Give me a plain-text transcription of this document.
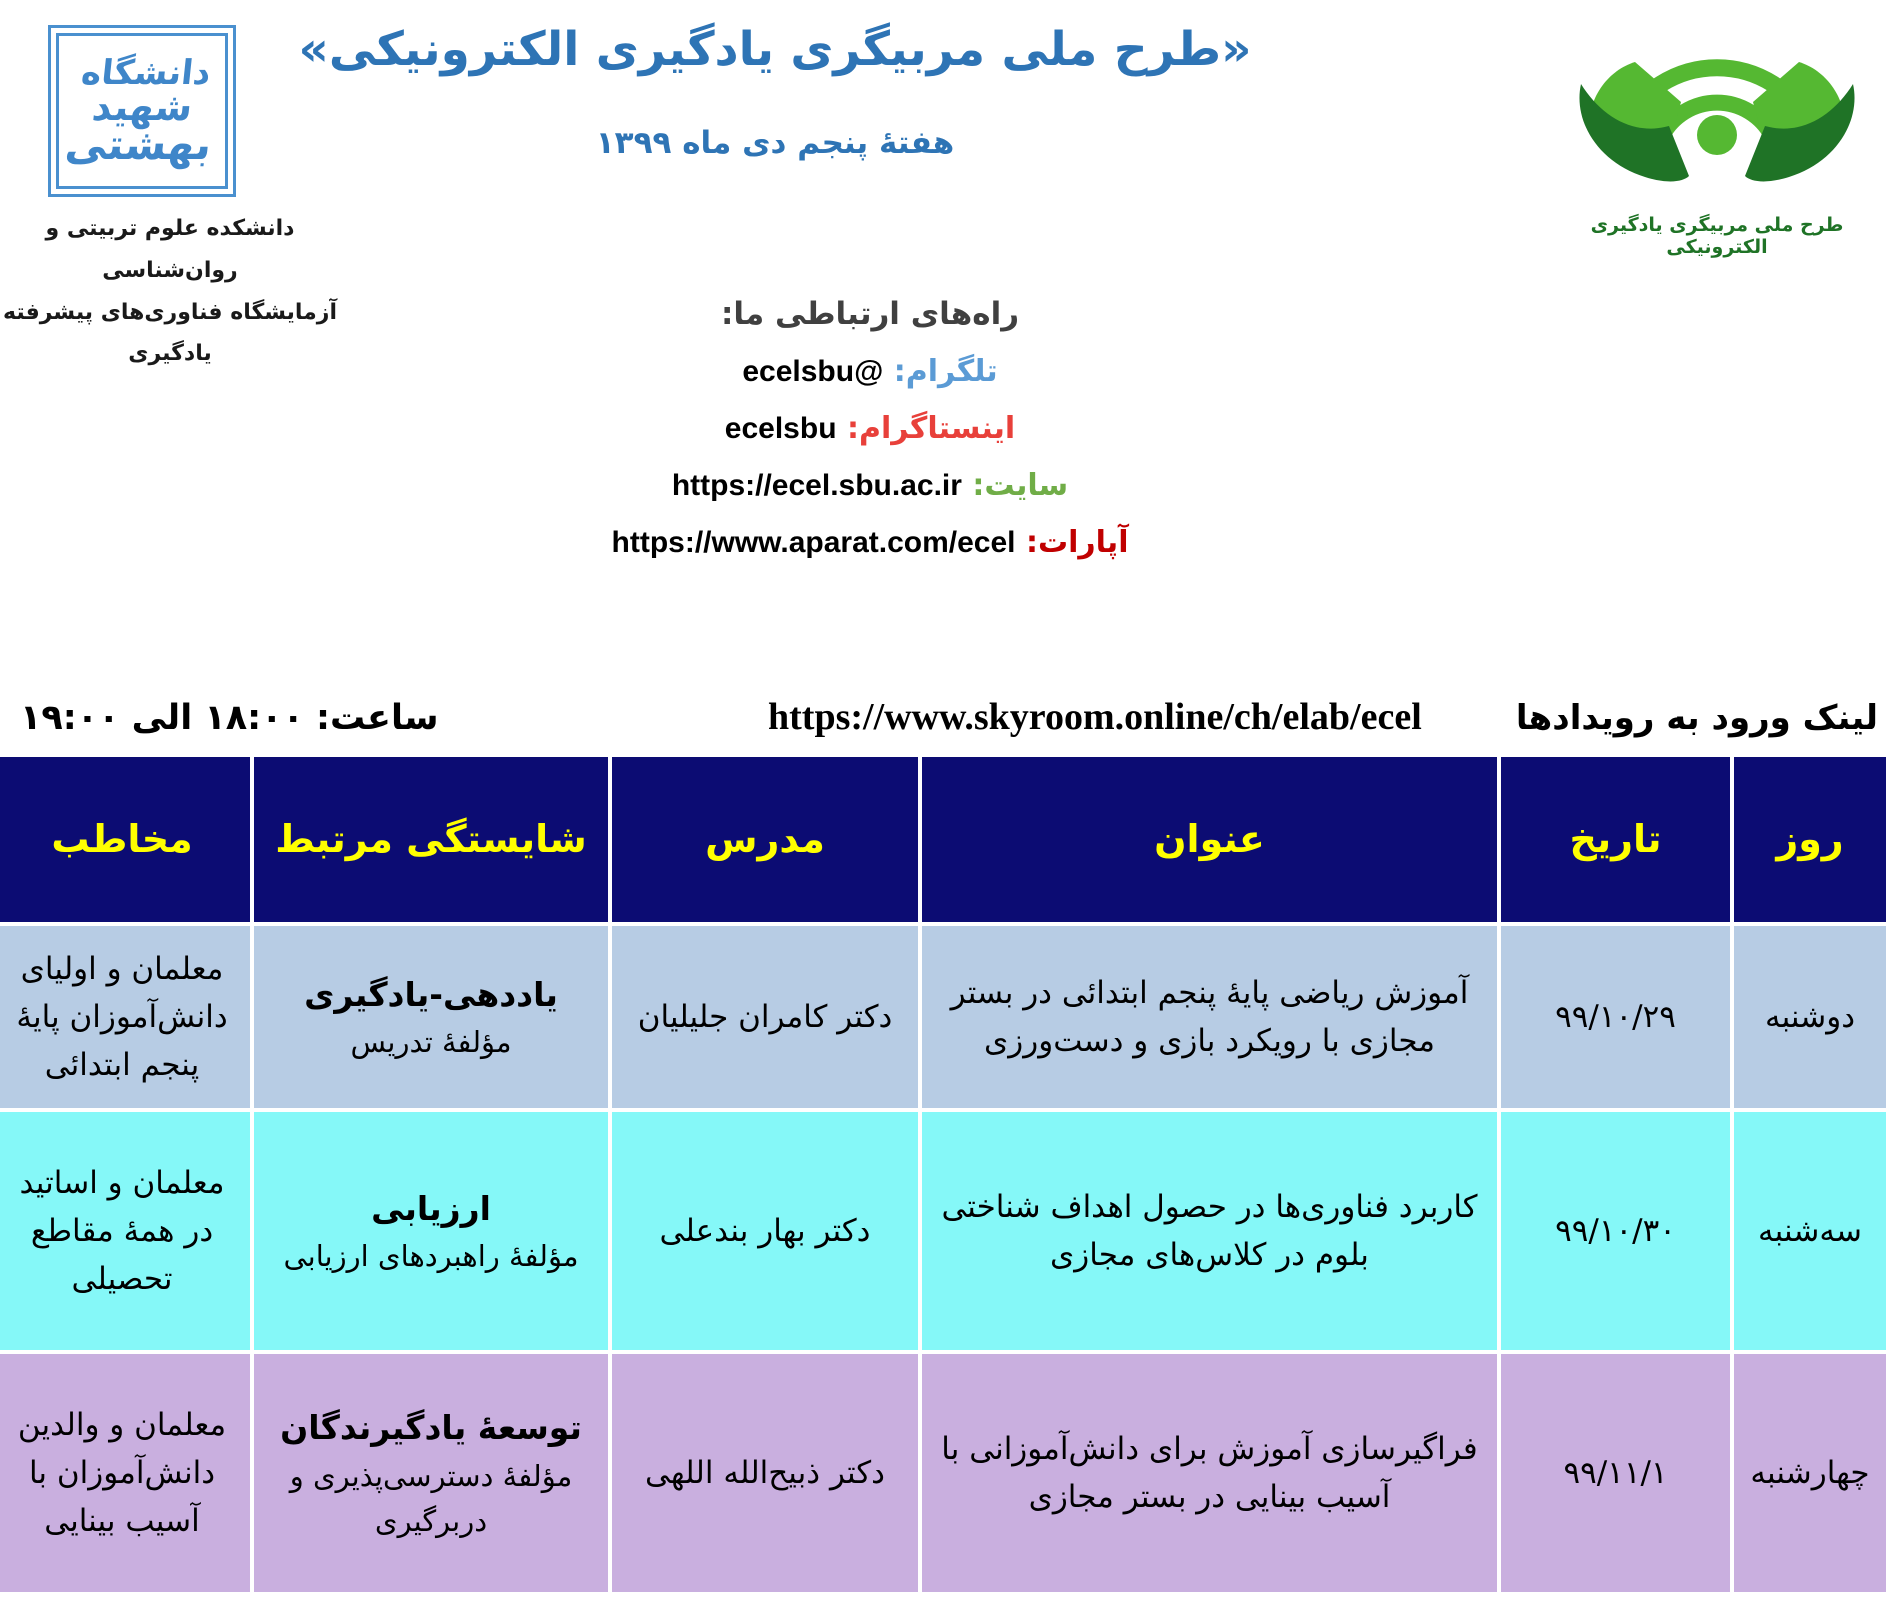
دانشگاه
شهید
بهشتی
دانشکده علوم تربیتی و روان‌شناسی
آزمایشگاه فناوری‌های پیشرفته یادگیری
«طرح ملی مربیگری یادگیری الکترونیکی»
هفتۀ پنجم دی ماه ۱۳۹۹
طرح ملی مربیگری یادگیری الکترونیکی
راه‌های ارتباطی ما:
تلگرام: @ecelsbu
اینستاگرام: ecelsbu
سایت: https://ecel.sbu.ac.ir
آپارات: https://www.aparat.com/ecel
ساعت: ۱۸:۰۰ الی ۱۹:۰۰	https://www.skyroom.online/ch/elab/ecel	لینک ورود به رویدادها
روز
تاریخ
عنوان
مدرس
شایستگی مرتبط
مخاطب
دوشنبه
۹۹/۱۰/۲۹
آموزش ریاضی پایۀ پنجم ابتدائی در بستر مجازی با رویکرد بازی و دست‌ورزی
دکتر کامران جلیلیان
یاددهی-یادگیری
مؤلفۀ تدریس
معلمان و اولیای دانش‌آموزان پایۀ پنجم ابتدائی
سه‌شنبه
۹۹/۱۰/۳۰
کاربرد فناوری‌ها در حصول اهداف شناختی بلوم در کلاس‌های مجازی
دکتر بهار بندعلی
ارزیابی
مؤلفۀ راهبردهای ارزیابی
معلمان و اساتید در همۀ مقاطع تحصیلی
چهارشنبه
۹۹/۱۱/۱
فراگیرسازی آموزش برای دانش‌آموزانی با آسیب بینایی در بستر مجازی
دکتر ذبیح‌الله اللهی
توسعۀ یادگیرندگان
مؤلفۀ دسترسی‌پذیری و دربرگیری
معلمان و والدین دانش‌آموزان با آسیب بینایی
